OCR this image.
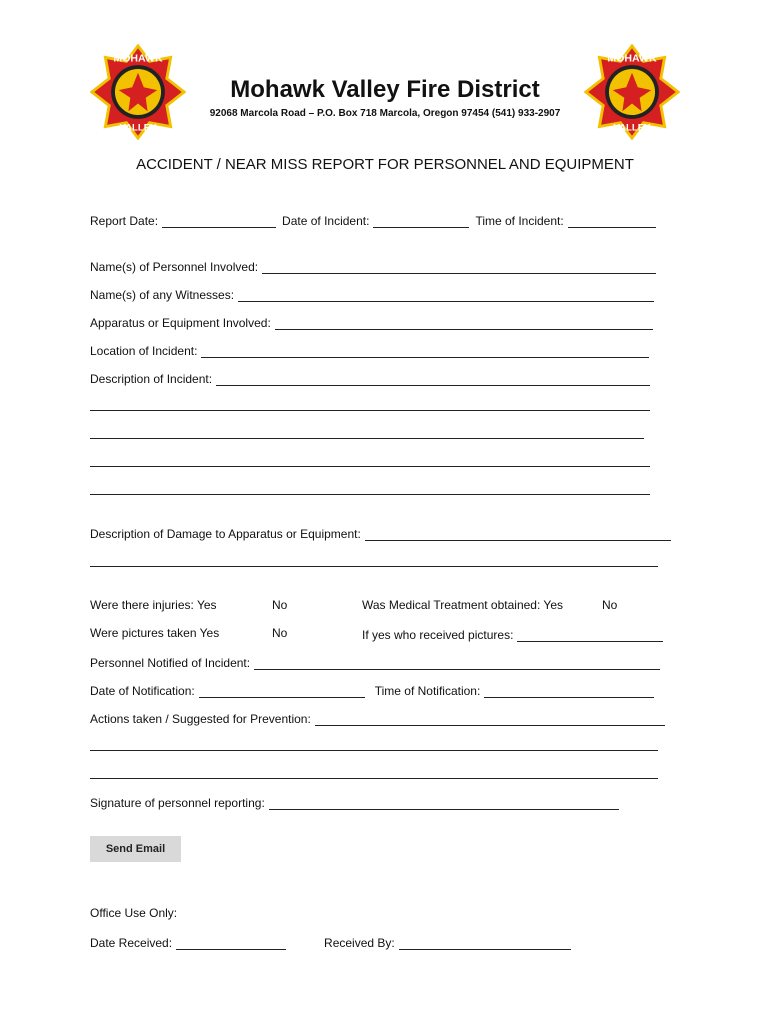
MOHAWK
VALLEY
MOHAWK
VALLEY
Mohawk Valley Fire District
92068 Marcola Road – P.O. Box 718 Marcola, Oregon 97454 (541) 933-2907
ACCIDENT / NEAR MISS REPORT FOR PERSONNEL AND EQUIPMENT
Report Date:	Date of Incident:	Time of Incident:
Name(s) of Personnel Involved:
Name(s) of any Witnesses:
Apparatus or Equipment Involved:
Location of Incident:
Description of Incident:
Description of Damage to Apparatus or Equipment:
Were there injuries: Yes	No	Was Medical Treatment obtained: Yes	No
Were pictures taken Yes	No	If yes who received pictures:
Personnel Notified of Incident:
Date of Notification:	Time of Notification:
Actions taken / Suggested for Prevention:
Signature of personnel reporting:
Send Email
Office Use Only:
Date Received:	Received By:
